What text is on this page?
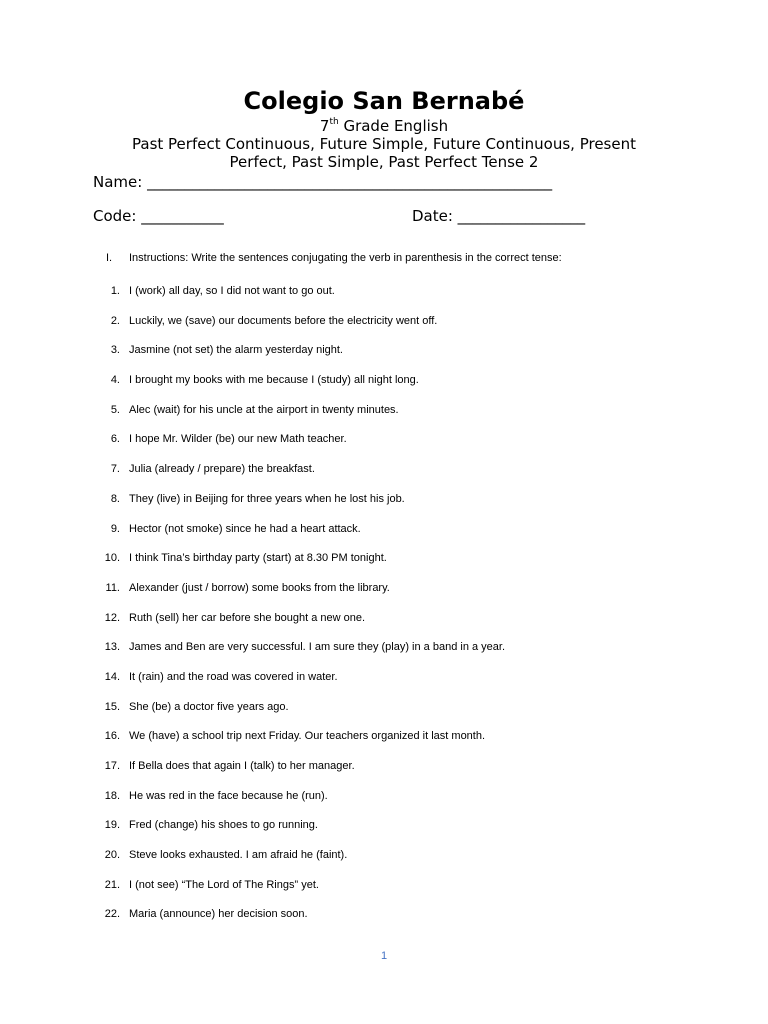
Colegio San Bernabé
7th Grade English
Past Perfect Continuous, Future Simple, Future Continuous, Present Perfect, Past Simple, Past Perfect Tense 2
Name: ______________________________________________________
Code: ___________	Date: _________________
I. Instructions: Write the sentences conjugating the verb in parenthesis in the correct tense:
1. I (work) all day, so I did not want to go out.
2. Luckily, we (save) our documents before the electricity went off.
3. Jasmine (not set) the alarm yesterday night.
4. I brought my books with me because I (study) all night long.
5. Alec (wait) for his uncle at the airport in twenty minutes.
6. I hope Mr. Wilder (be) our new Math teacher.
7. Julia (already / prepare) the breakfast.
8. They (live) in Beijing for three years when he lost his job.
9. Hector (not smoke) since he had a heart attack.
10. I think Tina’s birthday party (start) at 8.30 PM tonight.
11. Alexander (just / borrow) some books from the library.
12. Ruth (sell) her car before she bought a new one.
13. James and Ben are very successful. I am sure they (play) in a band in a year.
14. It (rain) and the road was covered in water.
15. She (be) a doctor five years ago.
16. We (have) a school trip next Friday. Our teachers organized it last month.
17. If Bella does that again I (talk) to her manager.
18. He was red in the face because he (run).
19. Fred (change) his shoes to go running.
20. Steve looks exhausted. I am afraid he (faint).
21. I (not see) “The Lord of The Rings” yet.
22. Maria (announce) her decision soon.
1
